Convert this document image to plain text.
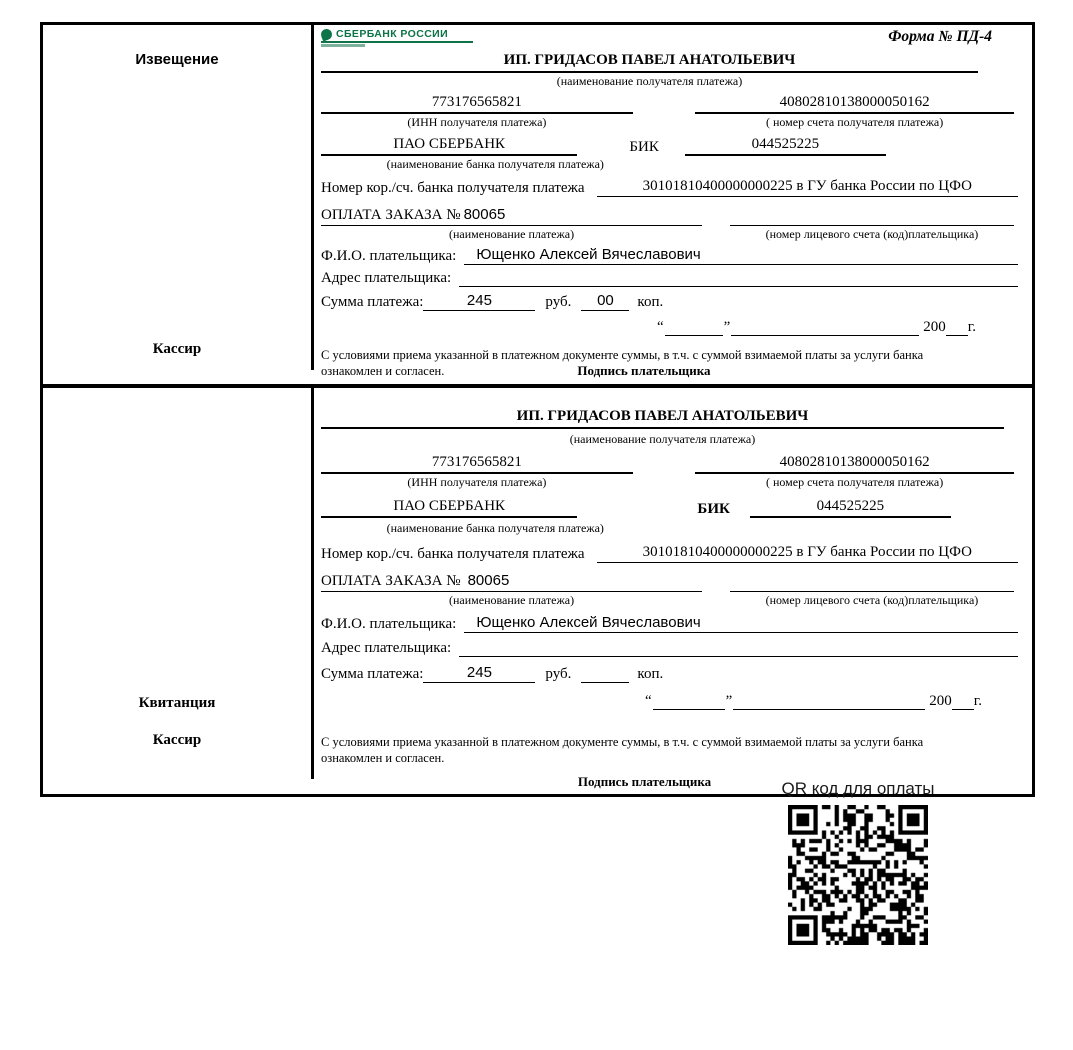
Извещение
Кассир
СБЕРБАНК РОССИИ	Форма № ПД-4
ИП. ГРИДАСОВ ПАВЕЛ АНАТОЛЬЕВИЧ
(наименование получателя платежа)
773176565821	40802810138000050162
(ИНН получателя платежа)	( номер счета получателя платежа)
ПАО СБЕРБАНК	БИК	044525225
(наименование банка получателя платежа)
Номер кор./сч. банка получателя платежа	30101810400000000225 в ГУ банка России по ЦФО
ОПЛАТА ЗАКАЗА № 80065
(наименование платежа)	(номер лицевого счета (код)плательщика)
Ф.И.О. плательщика:	Ющенко Алексей Вячеславович
Адрес плательщика:
Сумма платежа:	245	руб.	00	коп.
“	”	200 г.
С условиями приема указанной в платежном документе суммы, в т.ч. с суммой взимаемой платы за услуги банка
ознакомлен и согласен.	Подпись плательщика
Квитанция
Кассир
ИП. ГРИДАСОВ ПАВЕЛ АНАТОЛЬЕВИЧ
(наименование получателя платежа)
773176565821	40802810138000050162
(ИНН получателя платежа)	( номер счета получателя платежа)
ПАО СБЕРБАНК	БИК	044525225
(наименование банка получателя платежа)
Номер кор./сч. банка получателя платежа	30101810400000000225 в ГУ банка России по ЦФО
ОПЛАТА ЗАКАЗА № 80065
(наименование платежа)	(номер лицевого счета (код)плательщика)
Ф.И.О. плательщика:	Ющенко Алексей Вячеславович
Адрес плательщика:
Сумма платежа:	245	руб.	коп.
“	”	200 г.
С условиями приема указанной в платежном документе суммы, в т.ч. с суммой взимаемой платы за услуги банка
ознакомлен и согласен.
Подпись плательщика	QR код для оплаты
